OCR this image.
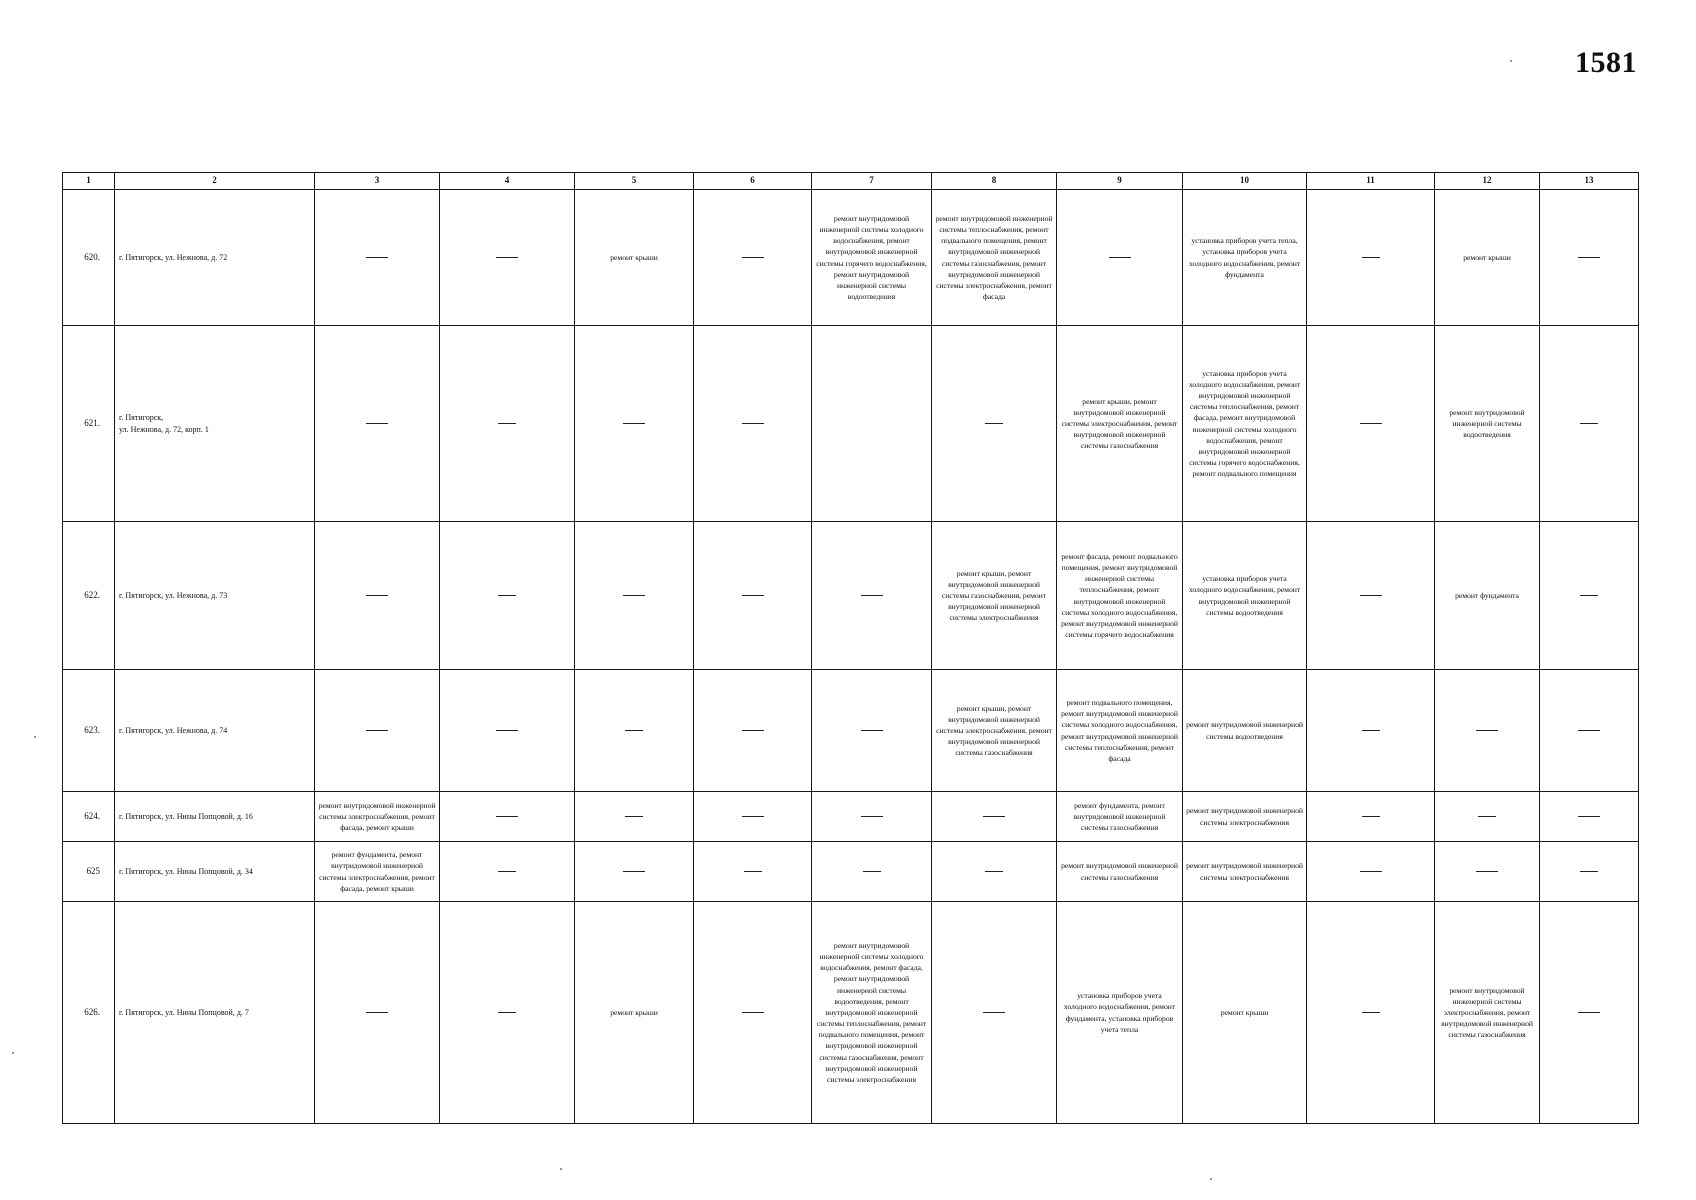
1581
1	2	3	4	5	6	7	8	9	10	11	12	13
620.	г. Пятигорск, ул. Нежнова, д. 72			ремонт крыши		ремонт внутридомовой инженерной системы холодного водоснабжения, ремонт внутридомовой инженерной системы горячего водоснабжения, ремонт внутридомовой инженерной системы водоотведения	ремонт внутридомовой инженерной системы теплоснабжения, ремонт подвального помещения, ремонт внутридомовой инженерной системы газоснабжения, ремонт внутридомовой инженерной системы электроснабжения, ремонт фасада		установка приборов учета тепла, установка приборов учета холодного водоснабжения, ремонт фундамента		ремонт крыши	
621.	г. Пятигорск,
ул. Нежнова, д. 72, корп. 1							ремонт крыши, ремонт внутридомовой инженерной системы электроснабжения, ремонт внутридомовой инженерной системы газоснабжения	установка приборов учета холодного водоснабжения, ремонт внутридомовой инженерной системы теплоснабжения, ремонт фасада, ремонт внутридомовой инженерной системы холодного водоснабжения, ремонт внутридомовой инженерной системы горячего водоснабжения, ремонт подвального помещения		ремонт внутридомовой инженерной системы водоотведения	
622.	г. Пятигорск, ул. Нежнова, д. 73						ремонт крыши, ремонт внутридомовой инженерной системы газоснабжения, ремонт внутридомовой инженерной системы электроснабжения	ремонт фасада, ремонт подвального помещения, ремонт внутридомовой инженерной системы теплоснабжения, ремонт внутридомовой инженерной системы холодного водоснабжения, ремонт внутридомовой инженерной системы горячего водоснабжения	установка приборов учета холодного водоснабжения, ремонт внутридомовой инженерной системы водоотведения		ремонт фундамента	
623.	г. Пятигорск, ул. Нежнова, д. 74						ремонт крыши, ремонт внутридомовой инженерной системы электроснабжения, ремонт внутридомовой инженерной системы газоснабжения	ремонт подвального помещения, ремонт внутридомовой инженерной системы холодного водоснабжения, ремонт внутридомовой инженерной системы теплоснабжения, ремонт фасада	ремонт внутридомовой инженерной системы водоотведения			
624.	г. Пятигорск, ул. Нины Попцовой, д. 16	ремонт внутридомовой инженерной системы электроснабжения, ремонт фасада, ремонт крыши						ремонт фундамента, ремонт внутридомовой инженерной системы газоснабжения	ремонт внутридомовой инженерной системы электроснабжения			
625	г. Пятигорск, ул. Нины Попцовой, д. 34	ремонт фундамента, ремонт внутридомовой инженерной системы электроснабжения, ремонт фасада, ремонт крыши						ремонт внутридомовой инженерной системы газоснабжения	ремонт внутридомовой инженерной системы электроснабжения			
626.	г. Пятигорск, ул. Нины Попцовой, д. 7			ремонт крыши		ремонт внутридомовой инженерной системы холодного водоснабжения, ремонт фасада, ремонт внутридомовой инженерной системы водоотведения, ремонт внутридомовой инженерной системы теплоснабжения, ремонт подвального помещения, ремонт внутридомовой инженерной системы газоснабжения, ремонт внутридомовой инженерной системы электроснабжения		установка приборов учета холодного водоснабжения, ремонт фундамента, установка приборов учета тепла	ремонт крыши		ремонт внутридомовой инженерной системы электроснабжения, ремонт внутридомовой инженерной системы газоснабжения	
